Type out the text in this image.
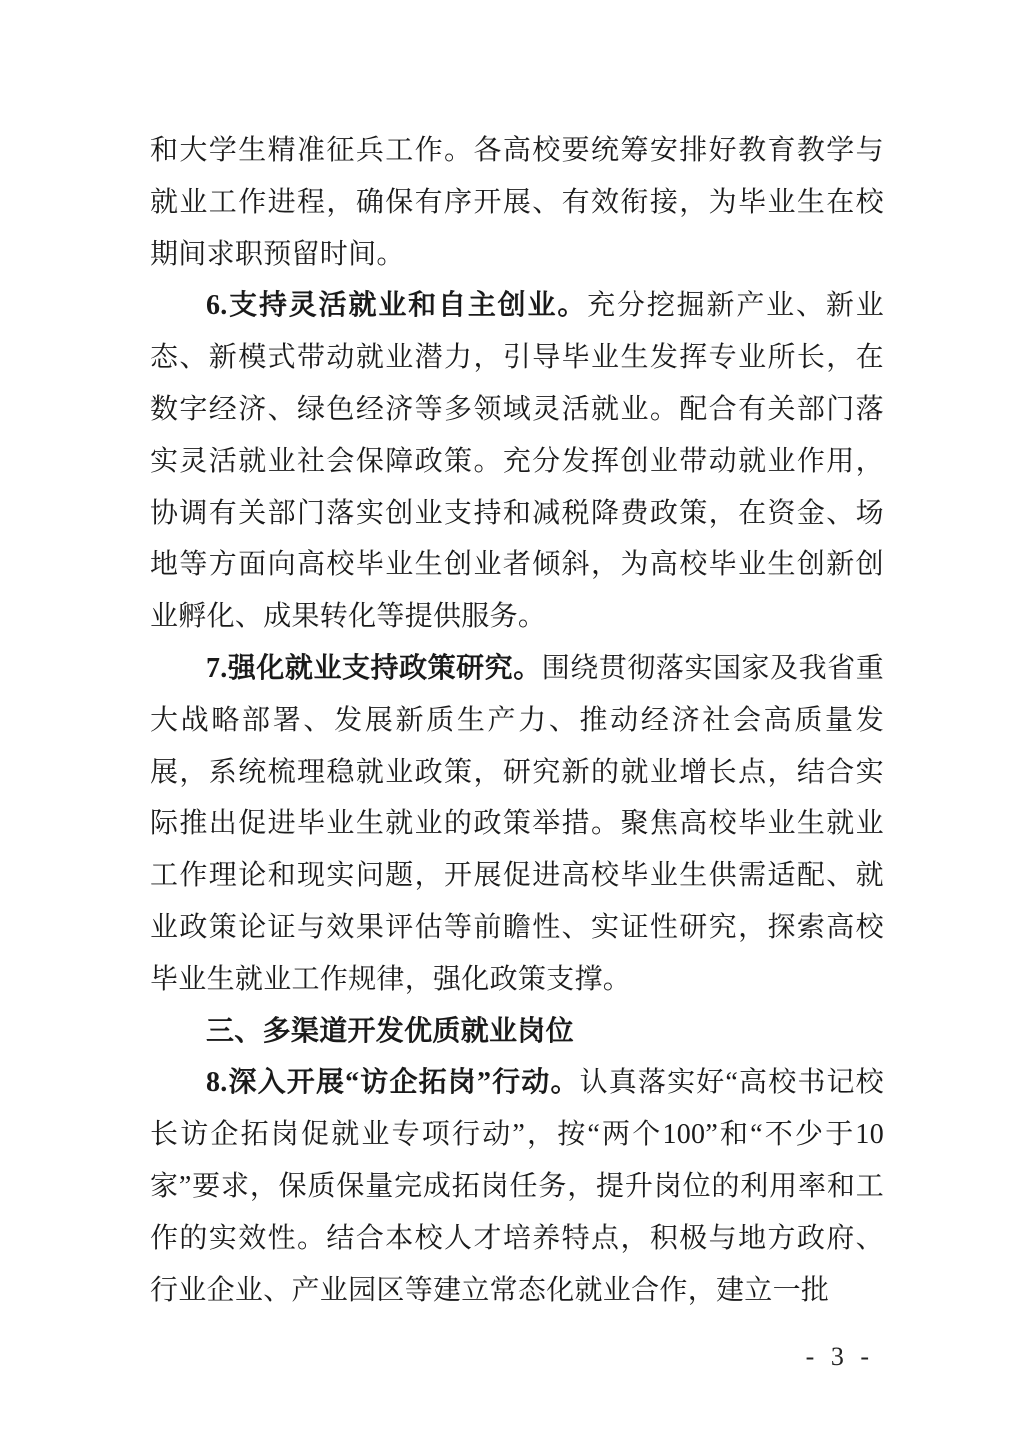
和大学生精准征兵工作。各高校要统筹安排好教育教学与就业工作进程，确保有序开展、有效衔接，为毕业生在校期间求职预留时间。

6.支持灵活就业和自主创业。充分挖掘新产业、新业态、新模式带动就业潜力，引导毕业生发挥专业所长，在数字经济、绿色经济等多领域灵活就业。配合有关部门落实灵活就业社会保障政策。充分发挥创业带动就业作用，协调有关部门落实创业支持和减税降费政策，在资金、场地等方面向高校毕业生创业者倾斜，为高校毕业生创新创业孵化、成果转化等提供服务。

7.强化就业支持政策研究。围绕贯彻落实国家及我省重大战略部署、发展新质生产力、推动经济社会高质量发展，系统梳理稳就业政策，研究新的就业增长点，结合实际推出促进毕业生就业的政策举措。聚焦高校毕业生就业工作理论和现实问题，开展促进高校毕业生供需适配、就业政策论证与效果评估等前瞻性、实证性研究，探索高校毕业生就业工作规律，强化政策支撑。

三、多渠道开发优质就业岗位

8.深入开展“访企拓岗”行动。认真落实好“高校书记校长访企拓岗促就业专项行动”，按“两个100”和“不少于10家”要求，保质保量完成拓岗任务，提升岗位的利用率和工作的实效性。结合本校人才培养特点，积极与地方政府、行业企业、产业园区等建立常态化就业合作，建立一批

- 3 -
